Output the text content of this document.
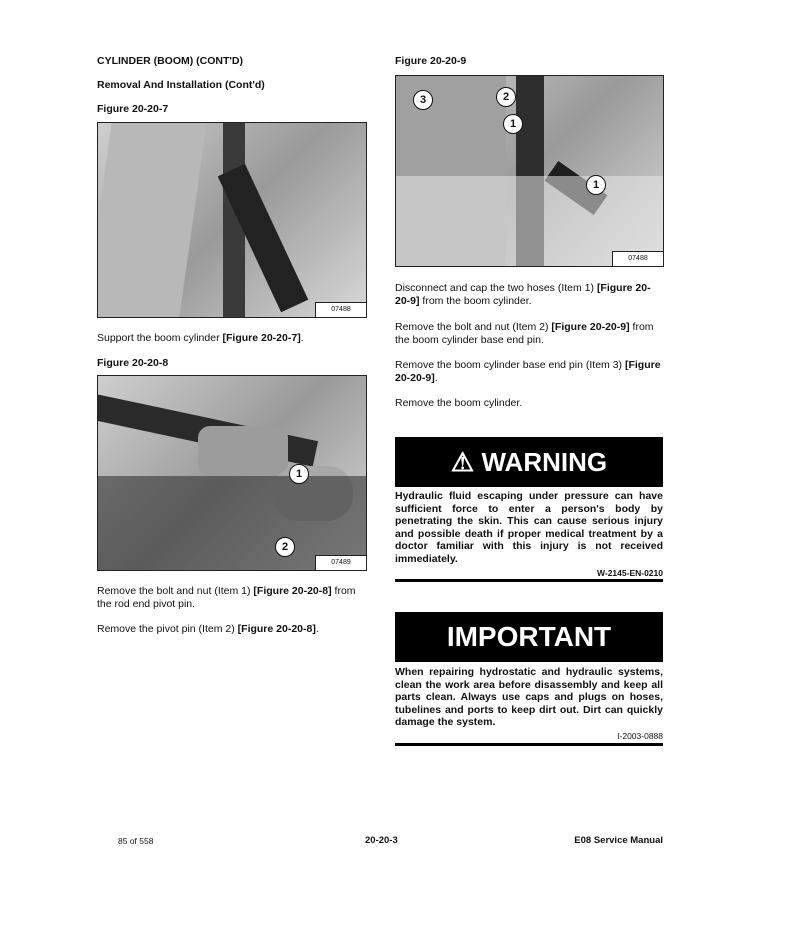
CYLINDER (BOOM) (CONT'D)
Removal And Installation (Cont'd)
Figure 20-20-7
07488
Support the boom cylinder [Figure 20-20-7].
Figure 20-20-8
1
2
07489
Remove the bolt and nut (Item 1) [Figure 20-20-8] from the rod end pivot pin.
Remove the pivot pin (Item 2) [Figure 20-20-8].
Figure 20-20-9
3	2
1
1
07488
Disconnect and cap the two hoses (Item 1) [Figure 20-20-9] from the boom cylinder.
Remove the bolt and nut (Item 2) [Figure 20-20-9] from the boom cylinder base end pin.
Remove the boom cylinder base end pin (Item 3) [Figure 20-20-9].
Remove the boom cylinder.
⚠ WARNING
Hydraulic fluid escaping under pressure can have sufficient force to enter a person's body by penetrating the skin. This can cause serious injury and possible death if proper medical treatment by a doctor familiar with this injury is not received immediately.
W-2145-EN-0210
IMPORTANT
When repairing hydrostatic and hydraulic systems, clean the work area before disassembly and keep all parts clean. Always use caps and plugs on hoses, tubelines and ports to keep dirt out. Dirt can quickly damage the system.
I-2003-0888
85 of 558	20-20-3	E08 Service Manual
